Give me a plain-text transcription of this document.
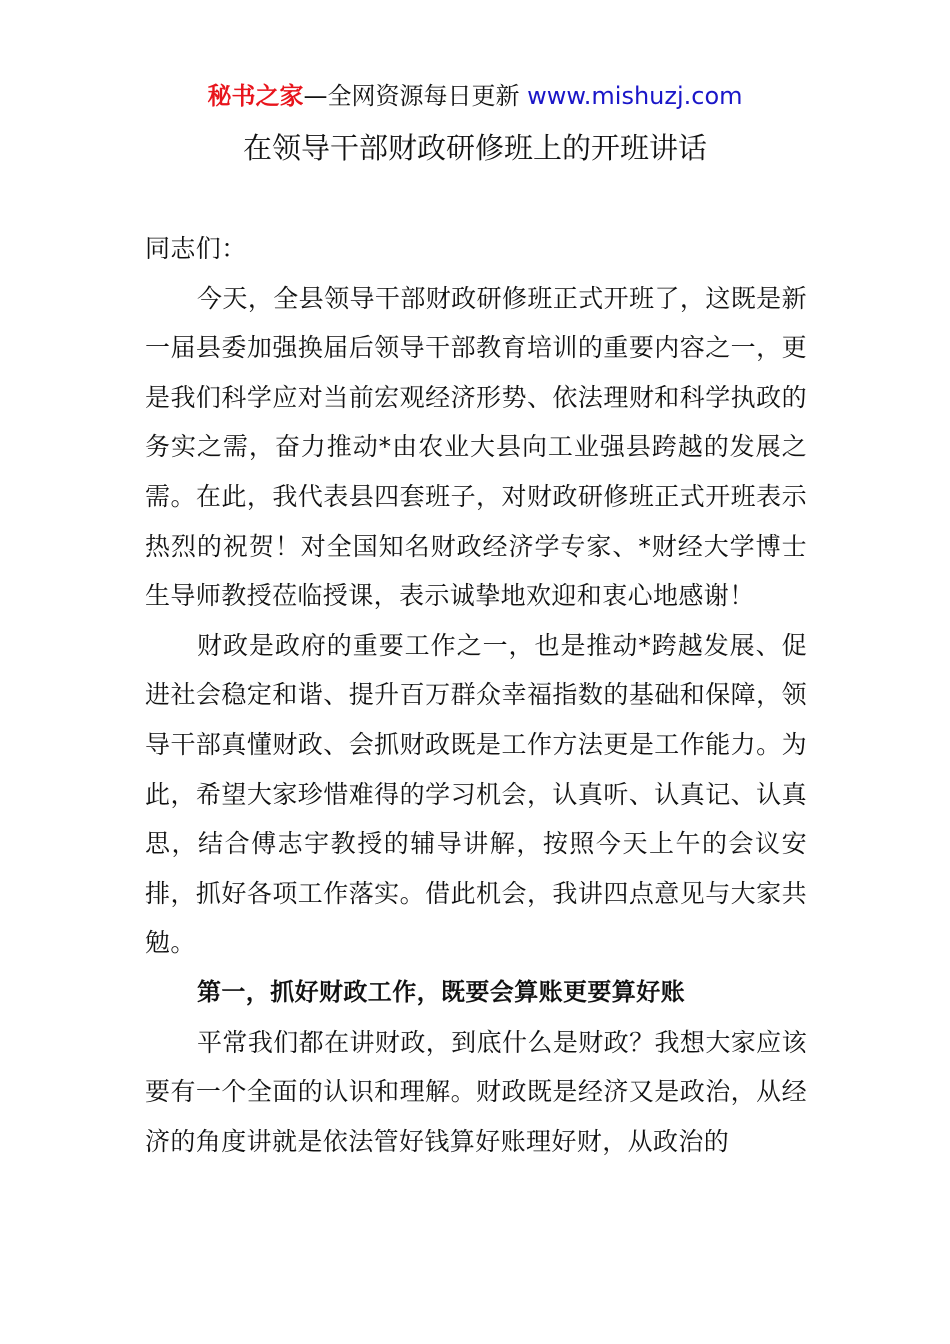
秘书之家—全网资源每日更新 www.mishuzj.com
在领导干部财政研修班上的开班讲话

同志们：

今天，全县领导干部财政研修班正式开班了，这既是新一届县委加强换届后领导干部教育培训的重要内容之一，更是我们科学应对当前宏观经济形势、依法理财和科学执政的务实之需，奋力推动*由农业大县向工业强县跨越的发展之需。在此，我代表县四套班子，对财政研修班正式开班表示热烈的祝贺！对全国知名财政经济学专家、*财经大学博士生导师教授莅临授课，表示诚挚地欢迎和衷心地感谢！

财政是政府的重要工作之一，也是推动*跨越发展、促进社会稳定和谐、提升百万群众幸福指数的基础和保障，领导干部真懂财政、会抓财政既是工作方法更是工作能力。为此，希望大家珍惜难得的学习机会，认真听、认真记、认真思，结合傅志宇教授的辅导讲解，按照今天上午的会议安排，抓好各项工作落实。借此机会，我讲四点意见与大家共勉。

第一，抓好财政工作，既要会算账更要算好账

平常我们都在讲财政，到底什么是财政？我想大家应该要有一个全面的认识和理解。财政既是经济又是政治，从经济的角度讲就是依法管好钱算好账理好财，从政治的
